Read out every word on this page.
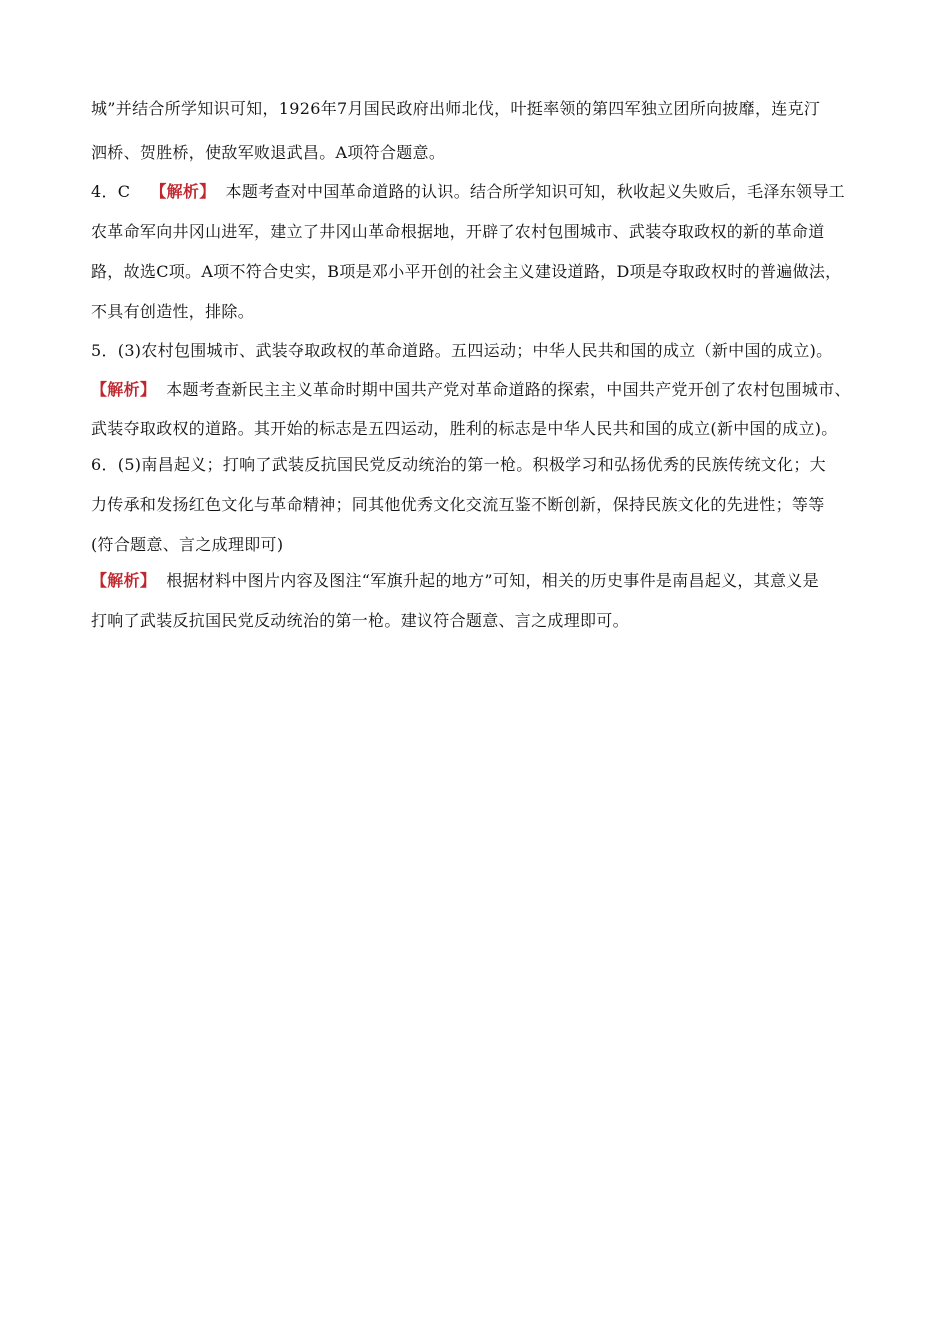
城”并结合所学知识可知，1926年7月国民政府出师北伐，叶挺率领的第四军独立团所向披靡，连克汀
泗桥、贺胜桥，使敌军败退武昌。A项符合题意。
4．C 【解析】 本题考查对中国革命道路的认识。结合所学知识可知，秋收起义失败后，毛泽东领导工
农革命军向井冈山进军，建立了井冈山革命根据地，开辟了农村包围城市、武装夺取政权的新的革命道
路，故选C项。A项不符合史实，B项是邓小平开创的社会主义建设道路，D项是夺取政权时的普遍做法，
不具有创造性，排除。
5．(3)农村包围城市、武装夺取政权的革命道路。五四运动；中华人民共和国的成立（新中国的成立)。
【解析】 本题考查新民主主义革命时期中国共产党对革命道路的探索，中国共产党开创了农村包围城市、
武装夺取政权的道路。其开始的标志是五四运动，胜利的标志是中华人民共和国的成立(新中国的成立)。
6．(5)南昌起义；打响了武装反抗国民党反动统治的第一枪。积极学习和弘扬优秀的民族传统文化；大
力传承和发扬红色文化与革命精神；同其他优秀文化交流互鉴不断创新，保持民族文化的先进性；等等
(符合题意、言之成理即可)
【解析】 根据材料中图片内容及图注“军旗升起的地方”可知，相关的历史事件是南昌起义，其意义是
打响了武装反抗国民党反动统治的第一枪。建议符合题意、言之成理即可。
